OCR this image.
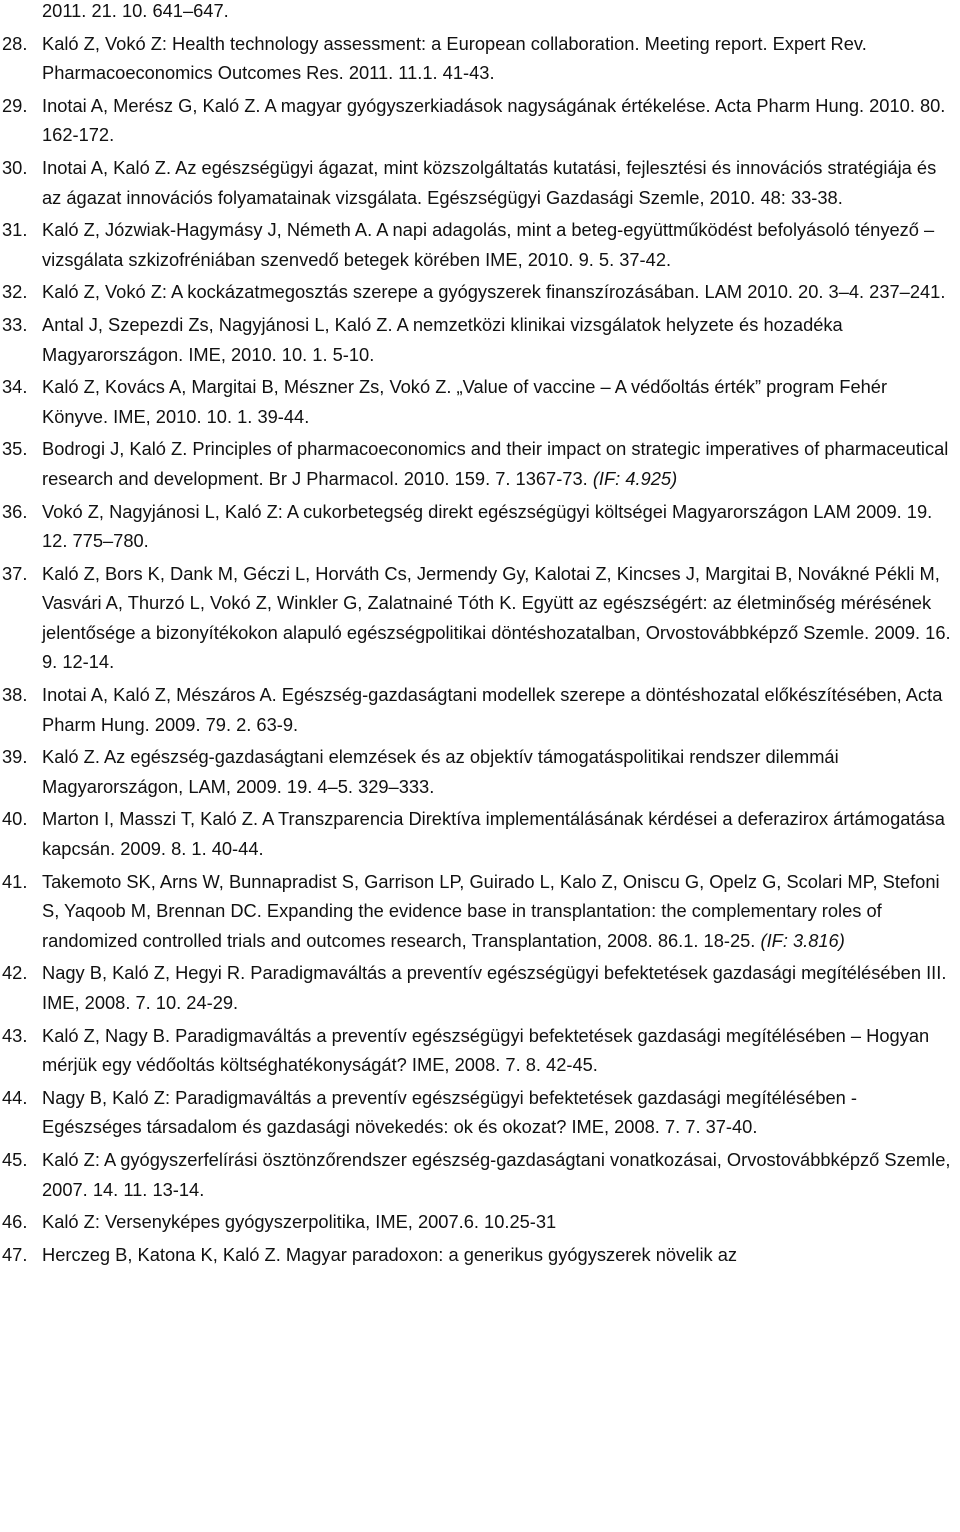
2011. 21. 10. 641–647.
28. Kaló Z, Vokó Z: Health technology assessment: a European collaboration. Meeting report. Expert Rev. Pharmacoeconomics Outcomes Res. 2011. 11.1. 41-43.
29. Inotai A, Merész G, Kaló Z. A magyar gyógyszerkiadások nagyságának értékelése. Acta Pharm Hung. 2010. 80. 162-172.
30. Inotai A, Kaló Z. Az egészségügyi ágazat, mint közszolgáltatás kutatási, fejlesztési és innovációs stratégiája és az ágazat innovációs folyamatainak vizsgálata. Egészségügyi Gazdasági Szemle, 2010. 48: 33-38.
31. Kaló Z, Józwiak-Hagymásy J, Németh A. A napi adagolás, mint a beteg-együttműködést befolyásoló tényező –vizsgálata szkizofréniában szenvedő betegek körében IME, 2010. 9. 5. 37-42.
32. Kaló Z, Vokó Z: A kockázatmegosztás szerepe a gyógyszerek finanszírozásában. LAM 2010. 20. 3–4. 237–241.
33. Antal J, Szepezdi Zs, Nagyjánosi L, Kaló Z. A nemzetközi klinikai vizsgálatok helyzete és hozadéka Magyarországon. IME, 2010. 10. 1. 5-10.
34. Kaló Z, Kovács A, Margitai B, Mészner Zs, Vokó Z. „Value of vaccine – A védőoltás érték” program Fehér Könyve. IME, 2010. 10. 1. 39-44.
35. Bodrogi J, Kaló Z. Principles of pharmacoeconomics and their impact on strategic imperatives of pharmaceutical research and development. Br J Pharmacol. 2010. 159. 7. 1367-73. (IF: 4.925)
36. Vokó Z, Nagyjánosi L, Kaló Z: A cukorbetegség direkt egészségügyi költségei Magyarországon LAM 2009. 19. 12. 775–780.
37. Kaló Z, Bors K, Dank M, Géczi L, Horváth Cs, Jermendy Gy, Kalotai Z, Kincses J, Margitai B, Novákné Pékli M, Vasvári A, Thurzó L, Vokó Z, Winkler G, Zalatnainé Tóth K. Együtt az egészségért: az életminőség mérésének jelentősége a bizonyítékokon alapuló egészségpolitikai döntéshozatalban, Orvostovábbképző Szemle. 2009. 16. 9. 12-14.
38. Inotai A, Kaló Z, Mészáros A. Egészség-gazdaságtani modellek szerepe a döntéshozatal előkészítésében, Acta Pharm Hung. 2009. 79. 2. 63-9.
39. Kaló Z. Az egészség-gazdaságtani elemzések és az objektív támogatáspolitikai rendszer dilemmái Magyarországon, LAM, 2009. 19. 4–5. 329–333.
40. Marton I, Masszi T, Kaló Z. A Transzparencia Direktíva implementálásának kérdései a deferazirox ártámogatása kapcsán. 2009. 8. 1. 40-44.
41. Takemoto SK, Arns W, Bunnapradist S, Garrison LP, Guirado L, Kalo Z, Oniscu G, Opelz G, Scolari MP, Stefoni S, Yaqoob M, Brennan DC. Expanding the evidence base in transplantation: the complementary roles of randomized controlled trials and outcomes research, Transplantation, 2008. 86.1. 18-25. (IF: 3.816)
42. Nagy B, Kaló Z, Hegyi R. Paradigmaváltás a preventív egészségügyi befektetések gazdasági megítélésében III. IME, 2008. 7. 10. 24-29.
43. Kaló Z, Nagy B. Paradigmaváltás a preventív egészségügyi befektetések gazdasági megítélésében – Hogyan mérjük egy védőoltás költséghatékonyságát? IME, 2008. 7. 8. 42-45.
44. Nagy B, Kaló Z: Paradigmaváltás a preventív egészségügyi befektetések gazdasági megítélésében - Egészséges társadalom és gazdasági növekedés: ok és okozat? IME, 2008. 7. 7. 37-40.
45. Kaló Z: A gyógyszerfelírási ösztönzőrendszer egészség-gazdaságtani vonatkozásai, Orvostovábbképző Szemle, 2007. 14. 11. 13-14.
46. Kaló Z: Versenyképes gyógyszerpolitika, IME, 2007.6. 10.25-31
47. Herczeg B, Katona K, Kaló Z. Magyar paradoxon: a generikus gyógyszerek növelik az
